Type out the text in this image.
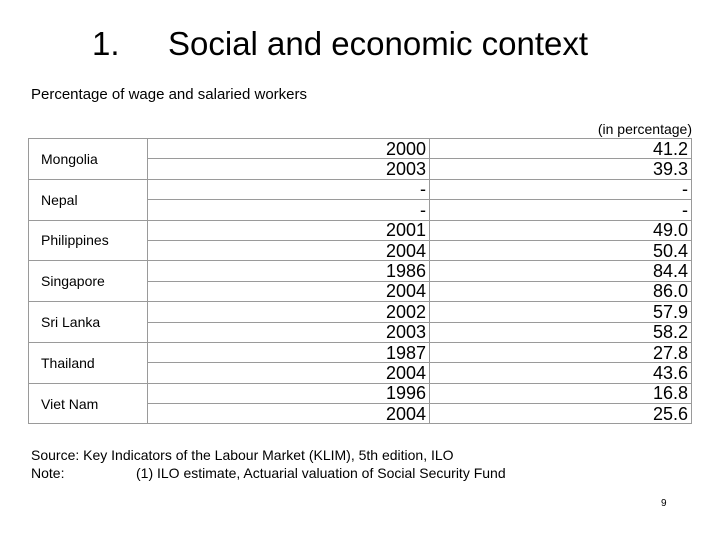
1. Social and economic context
Percentage of wage and salaried workers
(in percentage)
Mongolia	2000	41.2
	2003	39.3
Nepal	-	-
	-	-
Philippines	2001	49.0
	2004	50.4
Singapore	1986	84.4
	2004	86.0
Sri Lanka	2002	57.9
	2003	58.2
Thailand	1987	27.8
	2004	43.6
Viet Nam	1996	16.8
	2004	25.6
Source: Key Indicators of the Labour Market (KLIM), 5th edition, ILO
Note:	(1) ILO estimate, Actuarial valuation of Social Security Fund
9
